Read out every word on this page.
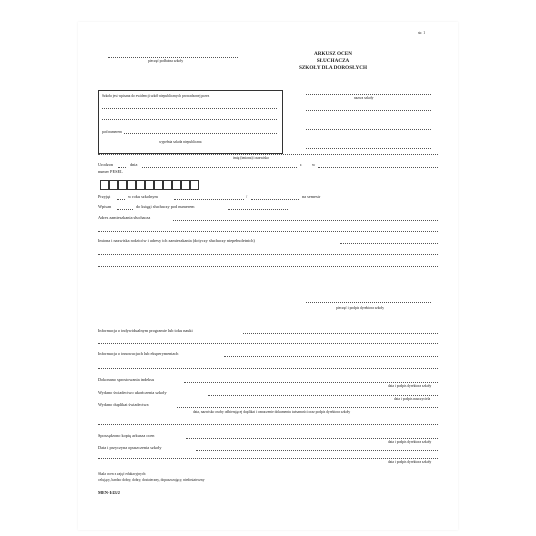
str. 1
pieczęć podłużna szkoły
ARKUSZ OCEN
SŁUCHACZA
SZKOŁY DLA DOROSŁYCH
Szkoła jest wpisana do ewidencji szkół niepublicznych prowadzonej przez
pod numerem
wypełnia szkoła niepubliczna
nazwa szkoły
imię (imiona) i nazwisko
Urodzon	dnia	r. w
numer PESEL
Przyjęt	w roku szkolnym	/	na semestr
Wpisan	do księgi słuchaczy pod numerem
Adres zamieszkania słuchacza
Imiona i nazwiska rodziców i adresy ich zamieszkania (dotyczy słuchaczy niepełnoletnich)
pieczęć i podpis dyrektora szkoły
Informacja o indywidualnym programie lub toku nauki
Informacja o innowacjach lub eksperymentach
Dokonano sprostowania indeksu
data i podpis dyrektora szkoły
Wydano świadectwo ukończenia szkoły
data i podpis nauczyciela
Wydano duplikat świadectwa
data, nazwisko osoby odbierającej duplikat i oznaczenie dokumentu tożsamości oraz podpis dyrektora szkoły
Sporządzono kopię arkusza ocen
data i podpis dyrektora szkoły
Data i przyczyna opuszczenia szkoły
data i podpis dyrektora szkoły
Skala ocen z zajęć edukacyjnych:
celujący, bardzo dobry, dobry, dostateczny, dopuszczający, niedostateczny
MEN-I/43/2
